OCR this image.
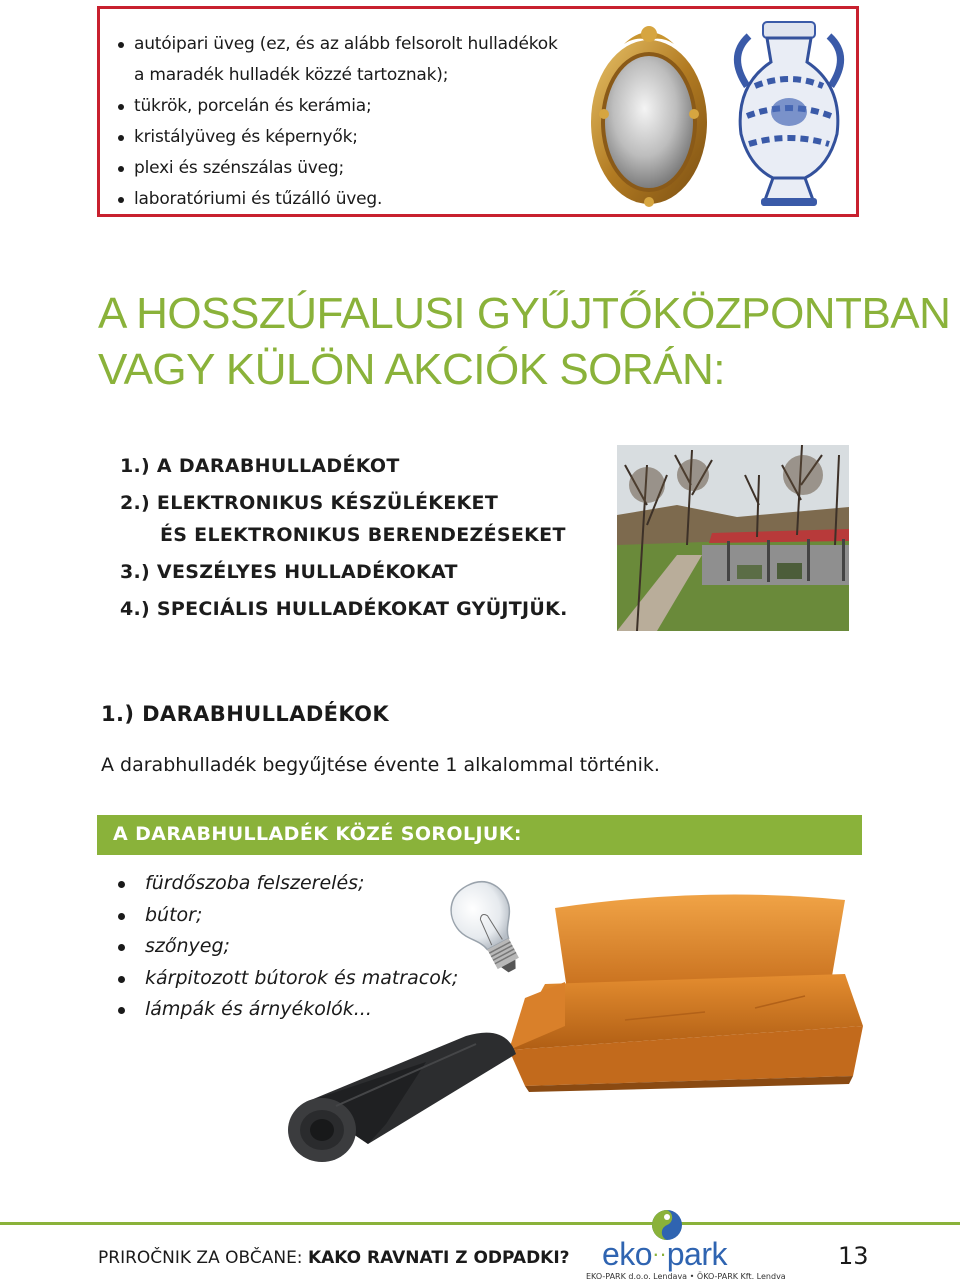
autóipari üveg (ez, és az alább felsorolt hulladékok
a maradék hulladék közzé tartoznak);
tükrök, porcelán és kerámia;
kristályüveg és képernyők;
plexi és szénszálas üveg;
laboratóriumi és tűzálló üveg.
A HOSSZÚFALUSI GYŰJTŐKÖZPONTBAN
VAGY KÜLÖN AKCIÓK SORÁN:
1.) A DARABHULLADÉKOT
2.) ELEKTRONIKUS KÉSZÜLÉKEKET
ÉS ELEKTRONIKUS BERENDEZÉSEKET
3.) VESZÉLYES HULLADÉKOKAT
4.) SPECIÁLIS HULLADÉKOKAT GYÜJTJÜK.
1.) DARABHULLADÉKOK
A darabhulladék begyűjtése évente 1 alkalommal történik.
A DARABHULLADÉK KÖZÉ SOROLJUK:
fürdőszoba felszerelés;
bútor;
szőnyeg;
kárpitozott bútorok és matracok;
lámpák és árnyékolók...
PRIROČNIK ZA OBČANE: KAKO RAVNATI Z ODPADKI? eko··park
EKO-PARK d.o.o. Lendava • ÖKO-PARK Kft. Lendva
13
